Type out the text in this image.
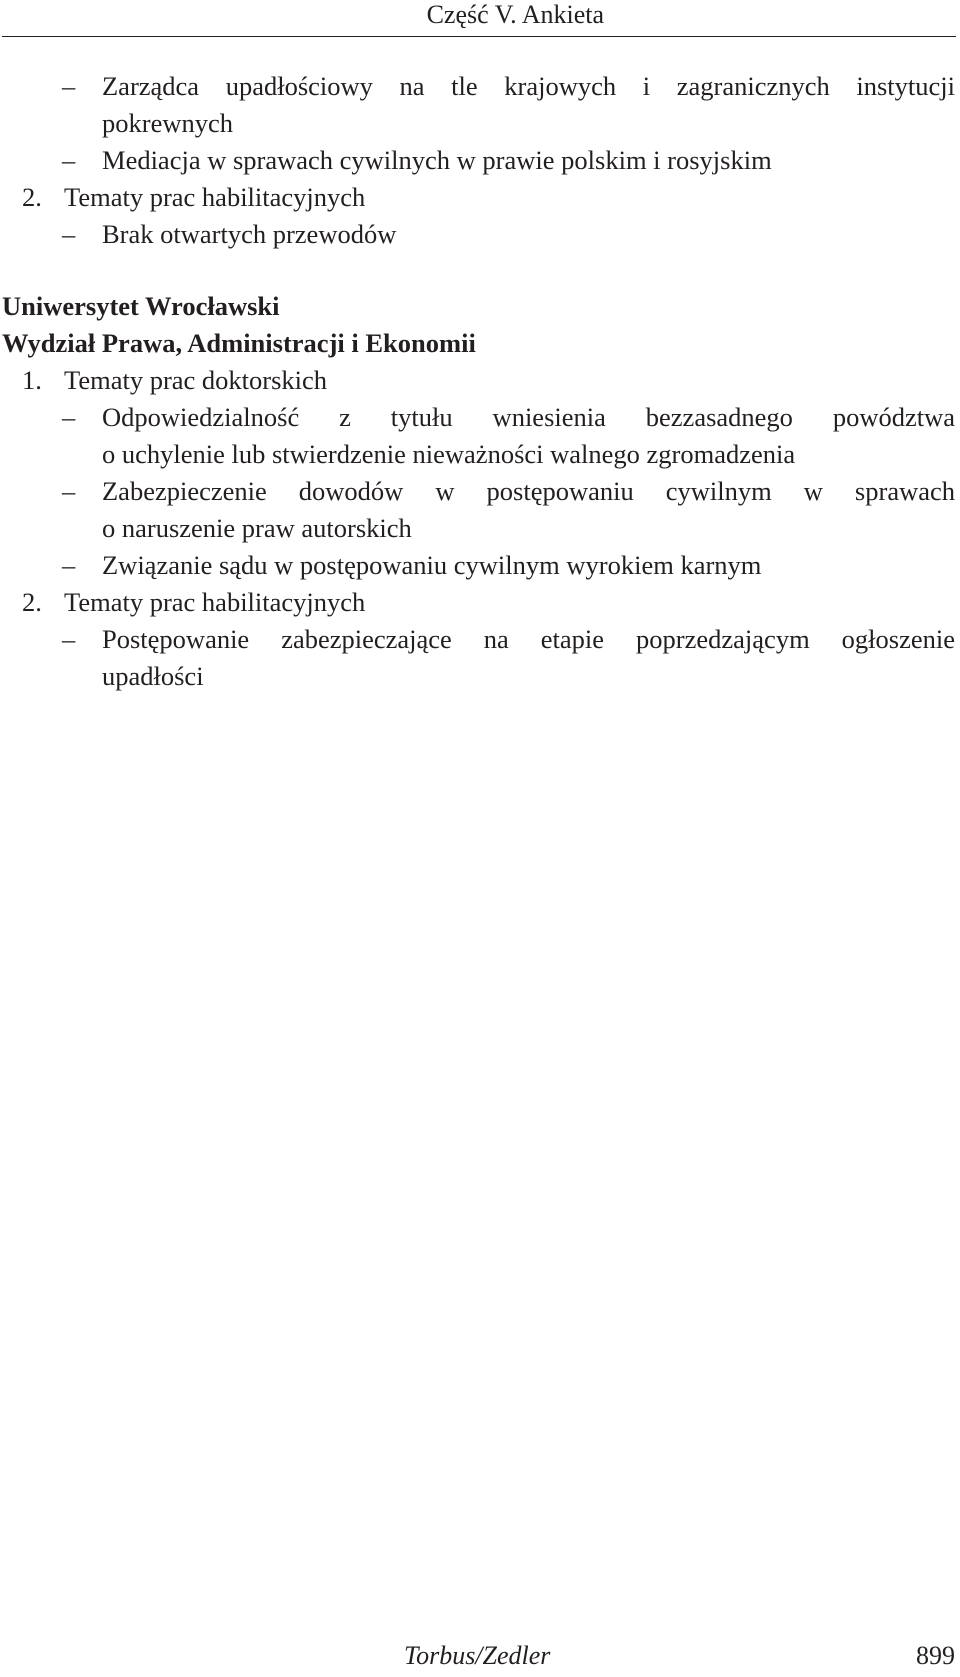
Część V. Ankieta
– Zarządca upadłościowy na tle krajowych i zagranicznych instytucji
pokrewnych
– Mediacja w sprawach cywilnych w prawie polskim i rosyjskim
2. Tematy prac habilitacyjnych
– Brak otwartych przewodów
Uniwersytet Wrocławski
Wydział Prawa, Administracji i Ekonomii
1. Tematy prac doktorskich
– Odpowiedzialność z tytułu wniesienia bezzasadnego powództwa
o uchylenie lub stwierdzenie nieważności walnego zgromadzenia
– Zabezpieczenie dowodów w postępowaniu cywilnym w sprawach
o naruszenie praw autorskich
– Związanie sądu w postępowaniu cywilnym wyrokiem karnym
2. Tematy prac habilitacyjnych
– Postępowanie zabezpieczające na etapie poprzedzającym ogłoszenie
upadłości
Torbus/Zedler	899
